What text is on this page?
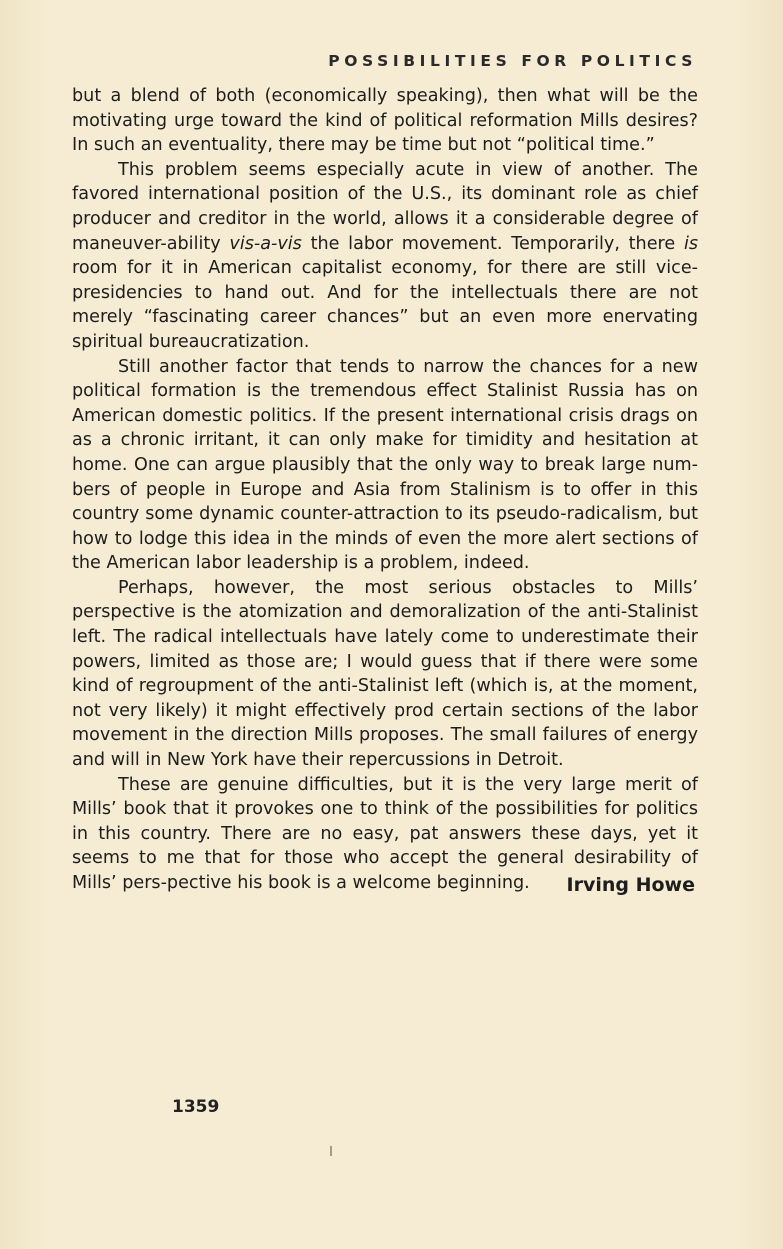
POSSIBILITIES FOR POLITICS

but a blend of both (economically speaking), then what will be the motivating urge toward the kind of political reformation Mills desires? In such an eventuality, there may be time but not “political time.”

This problem seems especially acute in view of another. The favored international position of the U.S., its dominant role as chief producer and creditor in the world, allows it a considerable degree of maneuver-ability vis-a-vis the labor movement. Temporarily, there is room for it in American capitalist economy, for there are still vice-presidencies to hand out. And for the intellectuals there are not merely “fascinating career chances” but an even more enervating spiritual bureaucratization.

Still another factor that tends to narrow the chances for a new political formation is the tremendous effect Stalinist Russia has on American domestic politics. If the present international crisis drags on as a chronic irritant, it can only make for timidity and hesitation at home. One can argue plausibly that the only way to break large num-bers of people in Europe and Asia from Stalinism is to offer in this country some dynamic counter-attraction to its pseudo-radicalism, but how to lodge this idea in the minds of even the more alert sections of the American labor leadership is a problem, indeed.

Perhaps, however, the most serious obstacles to Mills’ perspective is the atomization and demoralization of the anti-Stalinist left. The radical intellectuals have lately come to underestimate their powers, limited as those are; I would guess that if there were some kind of regroupment of the anti-Stalinist left (which is, at the moment, not very likely) it might effectively prod certain sections of the labor movement in the direction Mills proposes. The small failures of energy and will in New York have their repercussions in Detroit.

These are genuine difficulties, but it is the very large merit of Mills’ book that it provokes one to think of the possibilities for politics in this country. There are no easy, pat answers these days, yet it seems to me that for those who accept the general desirability of Mills’ pers-pective his book is a welcome beginning.	Irving Howe
1359
